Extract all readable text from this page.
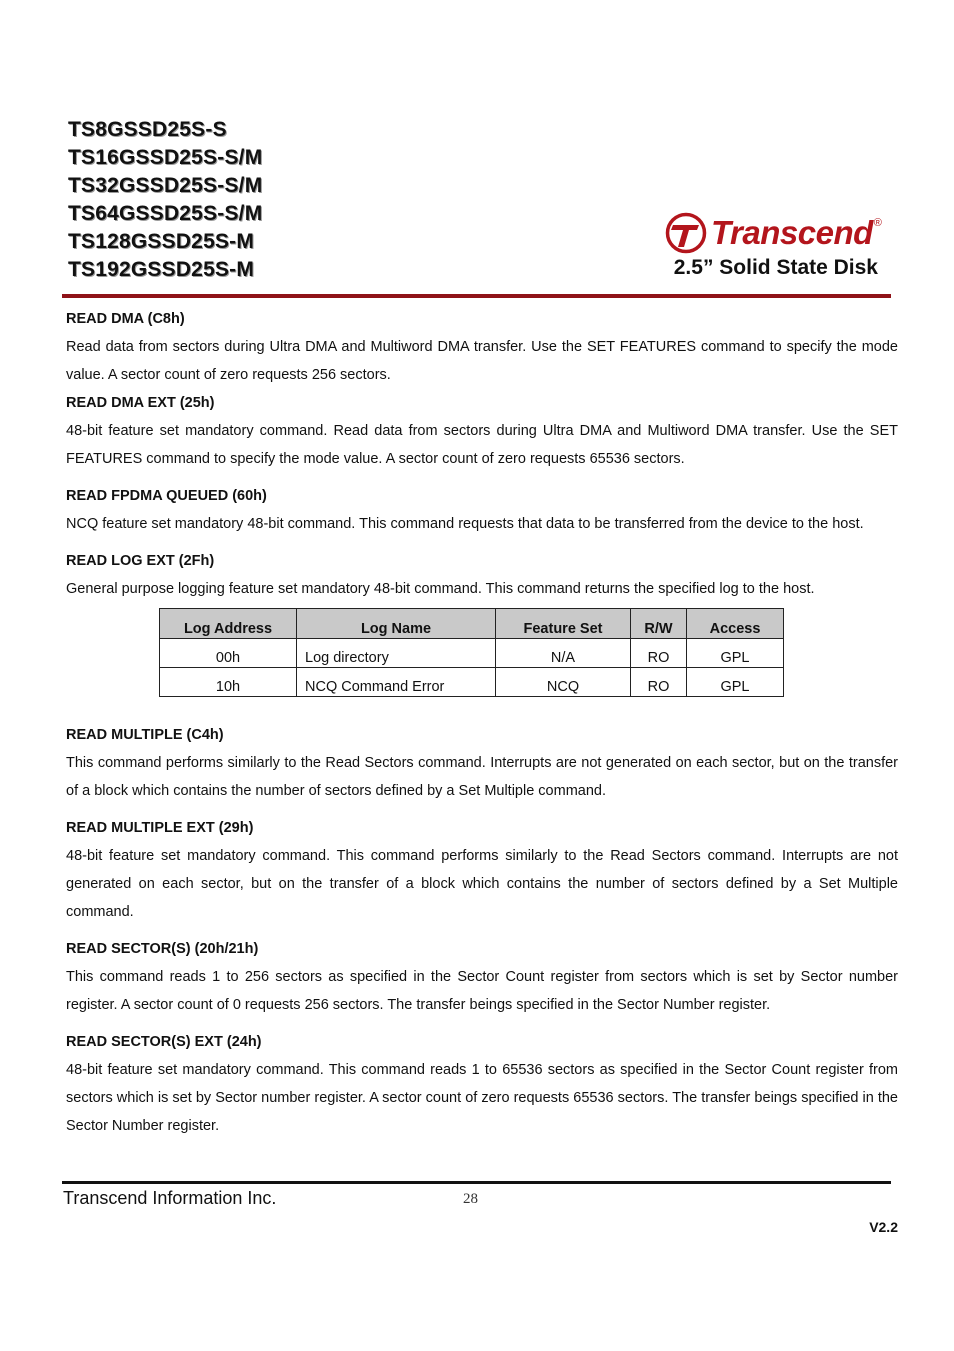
TS8GSSD25S-S
TS16GSSD25S-S/M
TS32GSSD25S-S/M
TS64GSSD25S-S/M
TS128GSSD25S-M
TS192GSSD25S-M
Transcend ®
2.5” Solid State Disk

READ DMA (C8h)

Read data from sectors during Ultra DMA and Multiword DMA transfer. Use the SET FEATURES command to specify the mode value. A sector count of zero requests 256 sectors.

READ DMA EXT (25h)

48-bit feature set mandatory command. Read data from sectors during Ultra DMA and Multiword DMA transfer. Use the SET FEATURES command to specify the mode value. A sector count of zero requests 65536 sectors.

READ FPDMA QUEUED (60h)

NCQ feature set mandatory 48-bit command. This command requests that data to be transferred from the device to the host.

READ LOG EXT (2Fh)

General purpose logging feature set mandatory 48-bit command. This command returns the specified log to the host.

Log Address	Log Name	Feature Set	R/W	Access
00h	Log directory	N/A	RO	GPL
10h	NCQ Command Error	NCQ	RO	GPL

READ MULTIPLE (C4h)

This command performs similarly to the Read Sectors command. Interrupts are not generated on each sector, but on the transfer of a block which contains the number of sectors defined by a Set Multiple command.

READ MULTIPLE EXT (29h)

48-bit feature set mandatory command. This command performs similarly to the Read Sectors command. Interrupts are not generated on each sector, but on the transfer of a block which contains the number of sectors defined by a Set Multiple command.

READ SECTOR(S) (20h/21h)

This command reads 1 to 256 sectors as specified in the Sector Count register from sectors which is set by Sector number register. A sector count of 0 requests 256 sectors. The transfer beings specified in the Sector Number register.

READ SECTOR(S) EXT (24h)

48-bit feature set mandatory command. This command reads 1 to 65536 sectors as specified in the Sector Count register from sectors which is set by Sector number register. A sector count of zero requests 65536 sectors. The transfer beings specified in the Sector Number register.

Transcend Information Inc.	28
V2.2
